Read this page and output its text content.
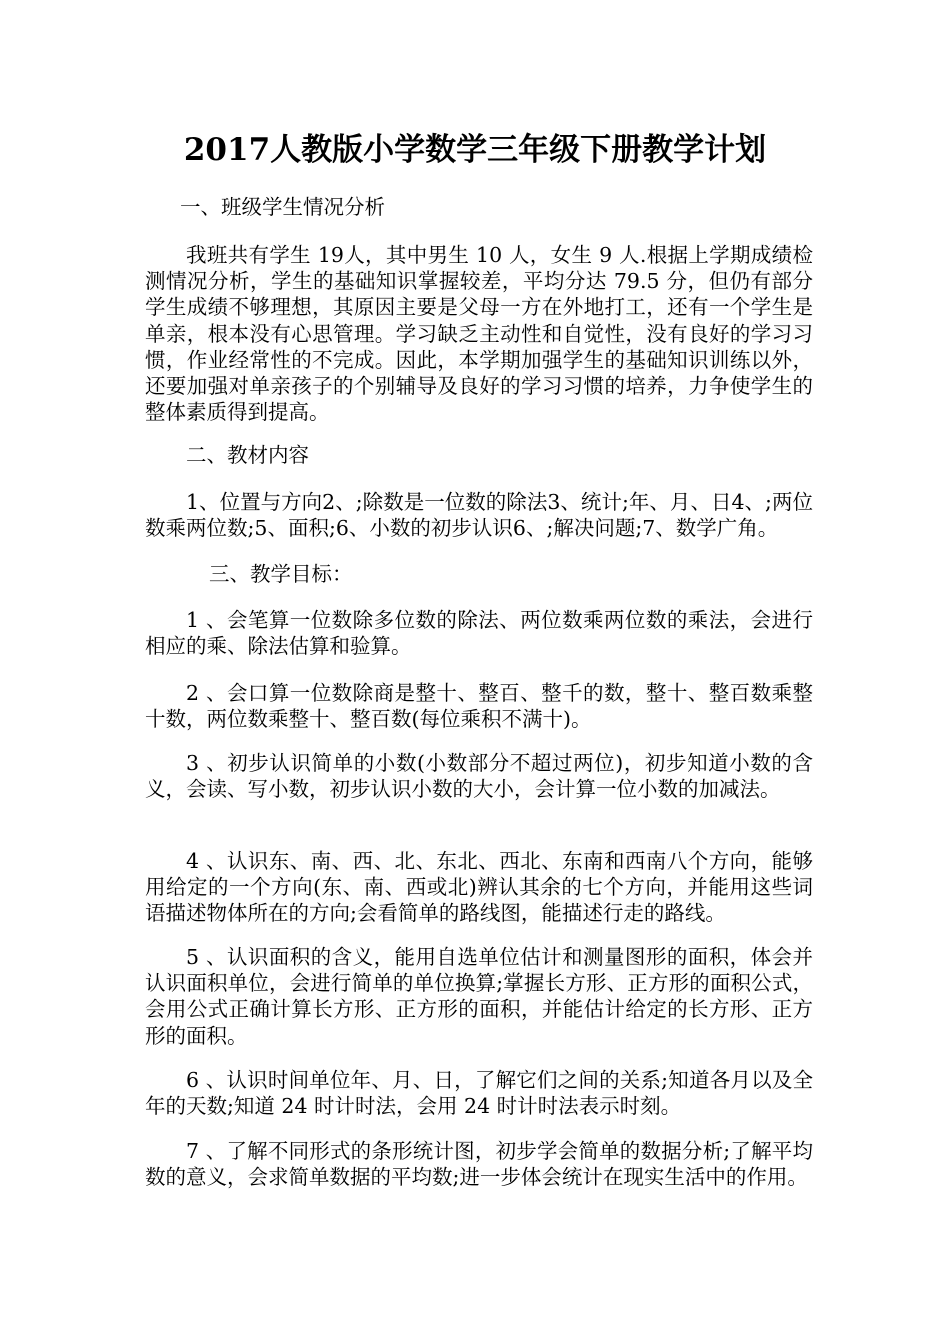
2017人教版小学数学三年级下册教学计划
一、班级学生情况分析

我班共有学生 19人，其中男生 10 人，女生 9 人.根据上学期成绩检测情况分析，学生的基础知识掌握较差，平均分达 79.5 分，但仍有部分学生成绩不够理想，其原因主要是父母一方在外地打工，还有一个学生是单亲，根本没有心思管理。学习缺乏主动性和自觉性，没有良好的学习习惯，作业经常性的不完成。因此，本学期加强学生的基础知识训练以外，还要加强对单亲孩子的个别辅导及良好的学习习惯的培养，力争使学生的整体素质得到提高。

二、教材内容

1、位置与方向2、;除数是一位数的除法3、统计;年、月、日4、;两位数乘两位数;5、面积;6、小数的初步认识6、;解决问题;7、数学广角。

三、教学目标：

1 、会笔算一位数除多位数的除法、两位数乘两位数的乘法，会进行相应的乘、除法估算和验算。

2 、会口算一位数除商是整十、整百、整千的数，整十、整百数乘整十数，两位数乘整十、整百数(每位乘积不满十)。

3 、初步认识简单的小数(小数部分不超过两位)，初步知道小数的含义，会读、写小数，初步认识小数的大小，会计算一位小数的加减法。

4 、认识东、南、西、北、东北、西北、东南和西南八个方向，能够用给定的一个方向(东、南、西或北)辨认其余的七个方向，并能用这些词语描述物体所在的方向;会看简单的路线图，能描述行走的路线。

5 、认识面积的含义，能用自选单位估计和测量图形的面积，体会并认识面积单位，会进行简单的单位换算;掌握长方形、正方形的面积公式，会用公式正确计算长方形、正方形的面积，并能估计给定的长方形、正方形的面积。

6 、认识时间单位年、月、日，了解它们之间的关系;知道各月以及全年的天数;知道 24 时计时法，会用 24 时计时法表示时刻。

7 、了解不同形式的条形统计图，初步学会简单的数据分析;了解平均数的意义，会求简单数据的平均数;进一步体会统计在现实生活中的作用。
